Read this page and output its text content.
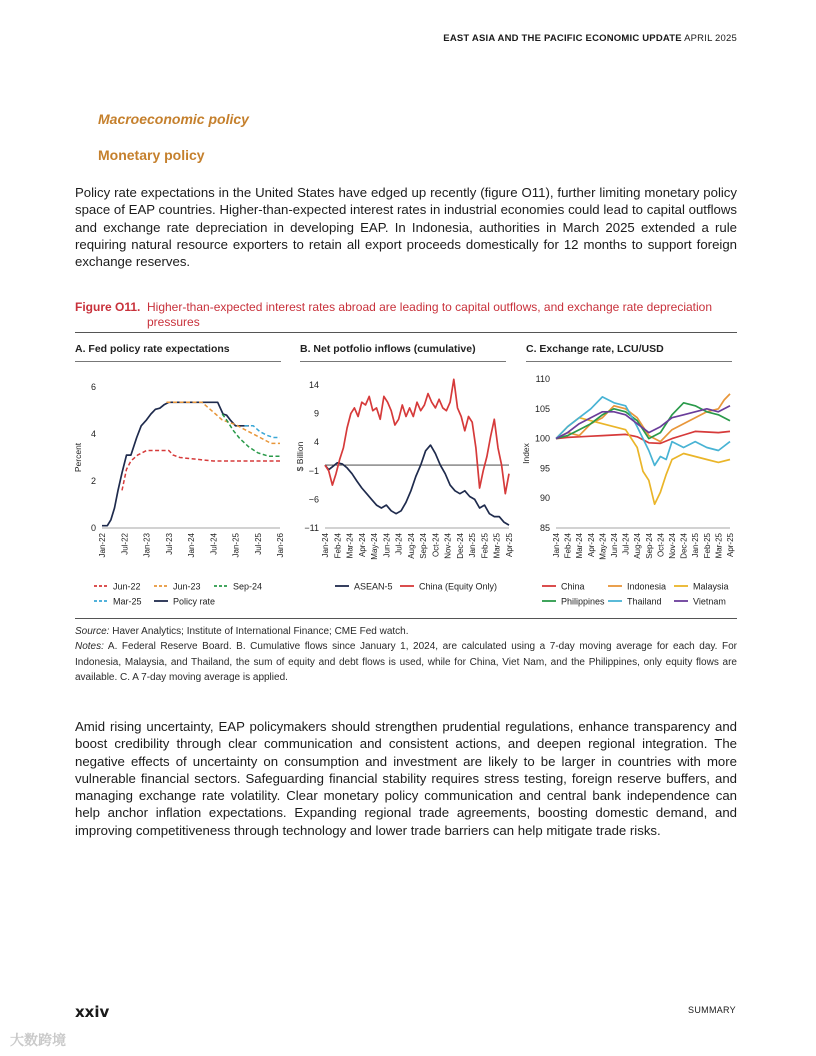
EAST ASIA AND THE PACIFIC ECONOMIC UPDATE APRIL 2025
Macroeconomic policy
Monetary policy
Policy rate expectations in the United States have edged up recently (figure O11), further limiting monetary policy space of EAP countries. Higher-than-expected interest rates in industrial economies could lead to capital outflows and exchange rate depreciation in developing EAP. In Indonesia, authorities in March 2025 extended a rule requiring natural resource exporters to retain all export proceeds domestically for 12 months to support foreign exchange reserves.
Figure O11. Higher-than-expected interest rates abroad are leading to capital outflows, and exchange rate depreciation
pressures
A. Fed policy rate expectations	B. Net potfolio inflows (cumulative)	C. Exchange rate, LCU/USD
Percent
0
2
4
6
Jan-22 Jul-22 Jan-23 Jul-23 Jan-24 Jul-24 Jan-25 Jul-25 Jan-26
Jun-22	Jun-23	Sep-24
Mar-25	Policy rate
$ Billion
−11
−6
−1
4
9
14
Jan-24 Feb-24 Mar-24 Apr-24 May-24 Jun-24 Jul-24 Aug-24 Sep-24 Oct-24 Nov-24 Dec-24 Jan-25 Feb-25 Mar-25 Apr-25
ASEAN-5	China (Equity Only)
Index
85
90
95
100
105
110
Jan-24 Feb-24 Mar-24 Apr-24 May-24 Jun-24 Jul-24 Aug-24 Sep-24 Oct-24 Nov-24 Dec-24 Jan-25 Feb-25 Mar-25 Apr-25
China	Indonesia	Malaysia
Philippines Thailand	Vietnam
Source: Haver Analytics; Institute of International Finance; CME Fed watch.
Notes: A. Federal Reserve Board. B. Cumulative flows since January 1, 2024, are calculated using a 7-day moving average for each day. For Indonesia, Malaysia, and Thailand, the sum of equity and debt flows is used, while for China, Viet Nam, and the Philippines, only equity flows are available. C. A 7-day moving average is applied.
Amid rising uncertainty, EAP policymakers should strengthen prudential regulations, enhance transparency and boost credibility through clear communication and consistent actions, and deepen regional integration. The negative effects of uncertainty on consumption and investment are likely to be larger in countries with more vulnerable financial sectors. Safeguarding financial stability requires stress testing, foreign reserve buffers, and managing exchange rate volatility. Clear monetary policy communication and central bank independence can help anchor inflation expectations. Expanding regional trade agreements, boosting domestic demand, and improving competitiveness through technology and lower trade barriers can help mitigate trade risks.
xxiv	SUMMARY
大数跨境
